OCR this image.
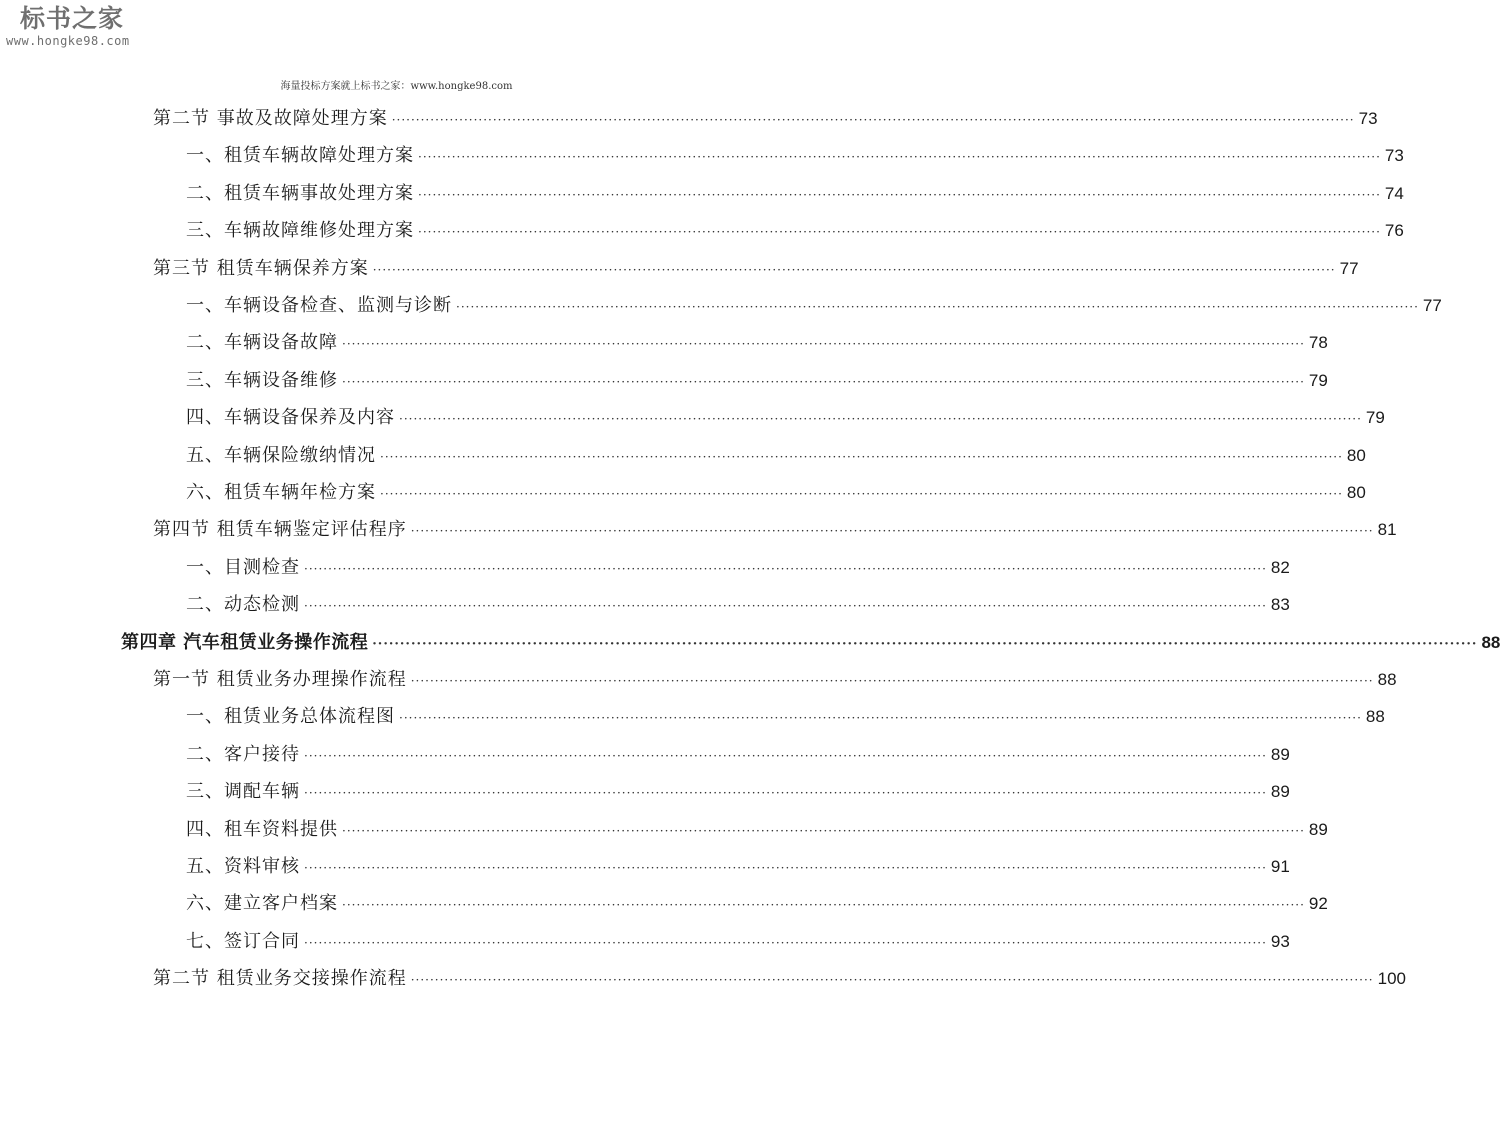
标书之家
www.hongke98.com
海量投标方案就上标书之家：www.hongke98.com
第二节 事故及故障处理方案 ········································································································································································································ 73
一、租赁车辆故障处理方案 ········································································································································································································ 73
二、租赁车辆事故处理方案 ········································································································································································································ 74
三、车辆故障维修处理方案 ········································································································································································································ 76
第三节 租赁车辆保养方案 ········································································································································································································ 77
一、车辆设备检查、监测与诊断 ········································································································································································································ 77
二、车辆设备故障 ········································································································································································································ 78
三、车辆设备维修 ········································································································································································································ 79
四、车辆设备保养及内容 ········································································································································································································ 79
五、车辆保险缴纳情况 ········································································································································································································ 80
六、租赁车辆年检方案 ········································································································································································································ 80
第四节 租赁车辆鉴定评估程序 ········································································································································································································ 81
一、目测检查 ········································································································································································································ 82
二、动态检测 ········································································································································································································ 83
第四章 汽车租赁业务操作流程 ········································································································································································································ 88
第一节 租赁业务办理操作流程 ········································································································································································································ 88
一、租赁业务总体流程图 ········································································································································································································ 88
二、客户接待 ········································································································································································································ 89
三、调配车辆 ········································································································································································································ 89
四、租车资料提供 ········································································································································································································ 89
五、资料审核 ········································································································································································································ 91
六、建立客户档案 ········································································································································································································ 92
七、签订合同 ········································································································································································································ 93
第二节 租赁业务交接操作流程 ········································································································································································································ 100
